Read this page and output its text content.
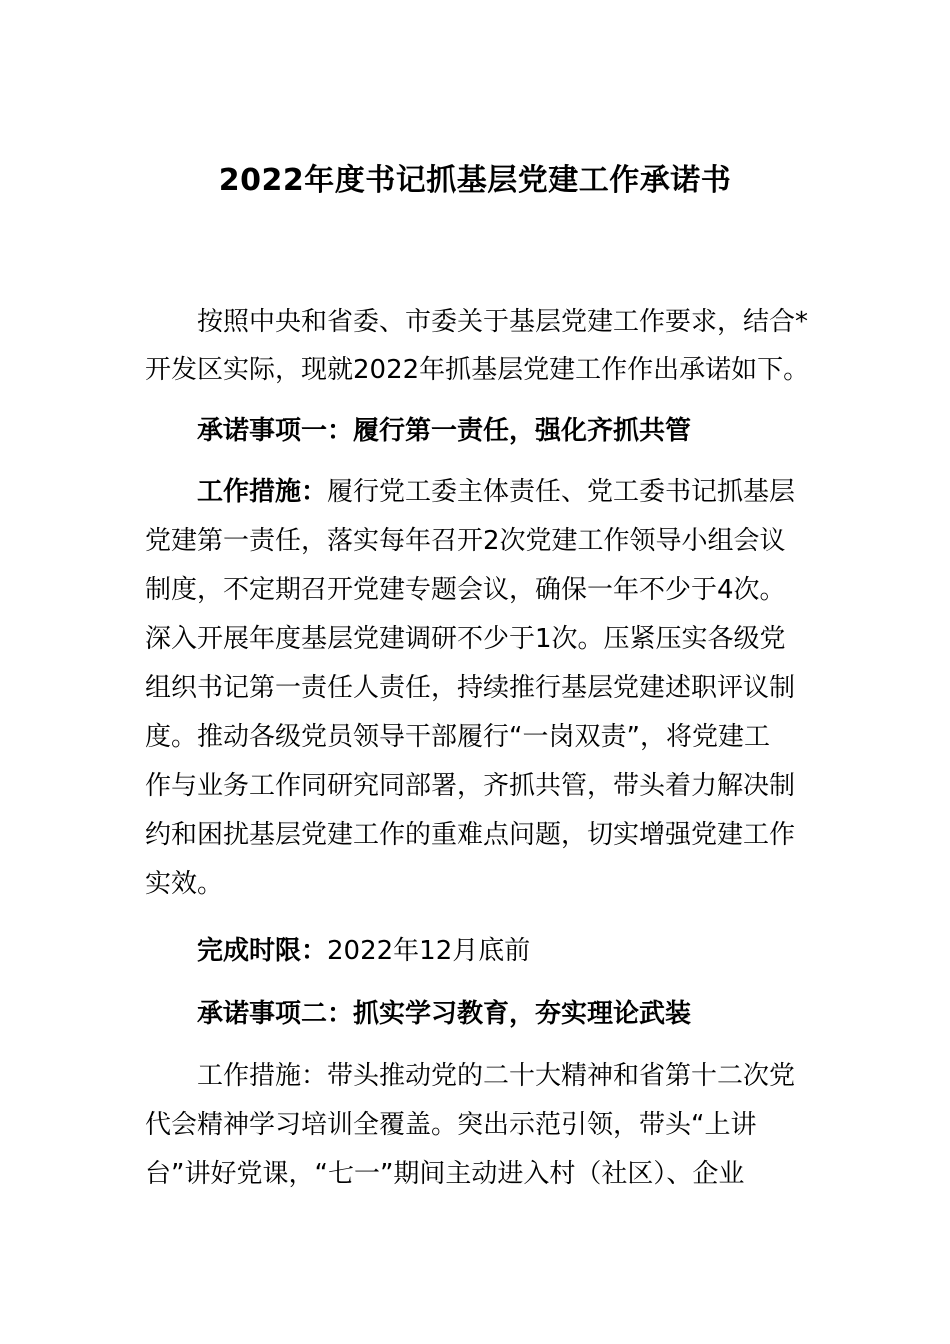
2022年度书记抓基层党建工作承诺书
按照中央和省委、市委关于基层党建工作要求，结合*
开发区实际，现就2022年抓基层党建工作作出承诺如下。
承诺事项一：履行第一责任，强化齐抓共管
工作措施：履行党工委主体责任、党工委书记抓基层
党建第一责任，落实每年召开2次党建工作领导小组会议
制度，不定期召开党建专题会议，确保一年不少于4次。
深入开展年度基层党建调研不少于1次。压紧压实各级党
组织书记第一责任人责任，持续推行基层党建述职评议制
度。推动各级党员领导干部履行“一岗双责”，将党建工
作与业务工作同研究同部署，齐抓共管，带头着力解决制
约和困扰基层党建工作的重难点问题，切实增强党建工作
实效。
完成时限：2022年12月底前
承诺事项二：抓实学习教育，夯实理论武装
工作措施：带头推动党的二十大精神和省第十二次党
代会精神学习培训全覆盖。突出示范引领，带头“上讲
台”讲好党课，“七一”期间主动进入村（社区）、企业
